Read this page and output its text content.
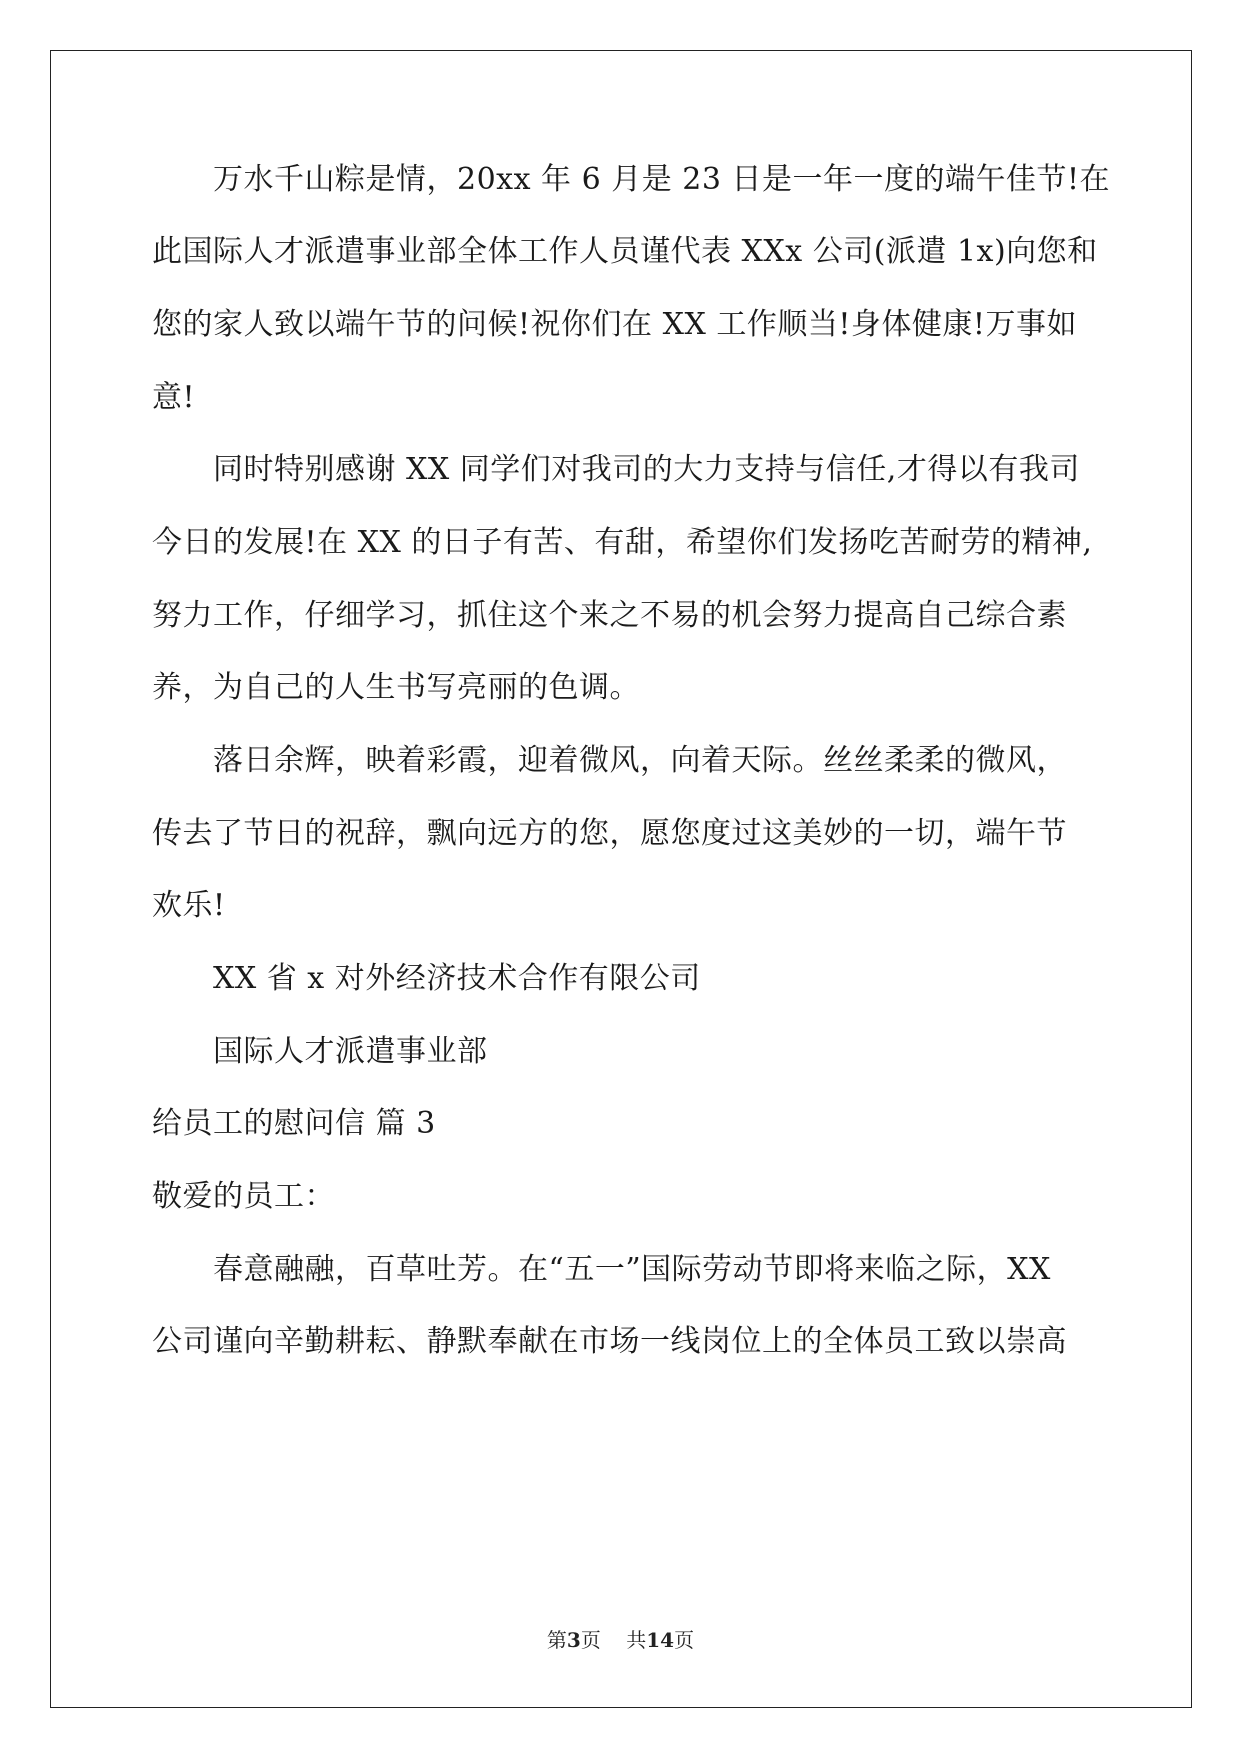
　　万水千山粽是情，20xx 年 6 月是 23 日是一年一度的端午佳节!在
此国际人才派遣事业部全体工作人员谨代表 XXx 公司(派遣 1x)向您和
您的家人致以端午节的问候!祝你们在 XX 工作顺当!身体健康!万事如
意!
　　同时特别感谢 XX 同学们对我司的大力支持与信任,才得以有我司
今日的发展!在 XX 的日子有苦、有甜，希望你们发扬吃苦耐劳的精神,
努力工作，仔细学习，抓住这个来之不易的机会努力提高自己综合素
养，为自己的人生书写亮丽的色调。
　　落日余辉，映着彩霞，迎着微风，向着天际。丝丝柔柔的微风，
传去了节日的祝辞，飘向远方的您，愿您度过这美妙的一切，端午节
欢乐!
　　XX 省 x 对外经济技术合作有限公司
　　国际人才派遣事业部
给员工的慰问信 篇 3
敬爱的员工：
　　春意融融，百草吐芳。在“五一”国际劳动节即将来临之际，XX
公司谨向辛勤耕耘、静默奉献在市场一线岗位上的全体员工致以崇高
第3页 共14页
